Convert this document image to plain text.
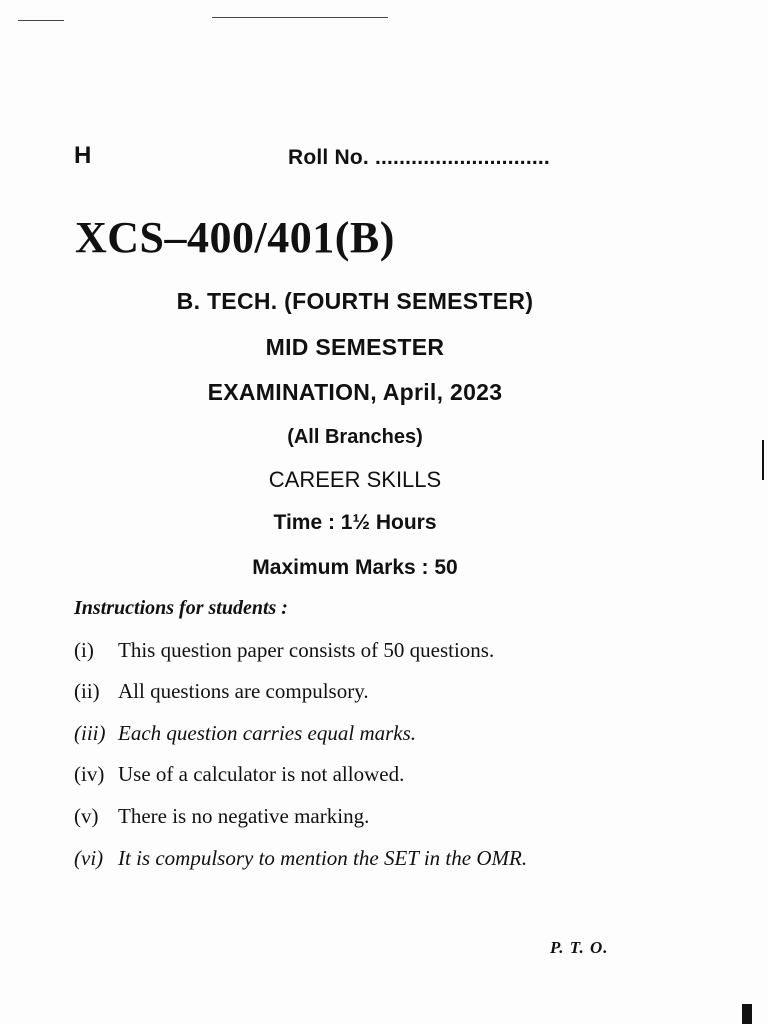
H	Roll No. .............................
XCS–400/401(B)
B. TECH. (FOURTH SEMESTER)
MID SEMESTER
EXAMINATION, April, 2023
(All Branches)
CAREER SKILLS
Time : 1½ Hours
Maximum Marks : 50
Instructions for students :
(i)	This question paper consists of 50 questions.
(ii) All questions are compulsory.
(iii) Each question carries equal marks.
(iv) Use of a calculator is not allowed.
(v) There is no negative marking.
(vi) It is compulsory to mention the SET in the OMR.
P. T. O.
